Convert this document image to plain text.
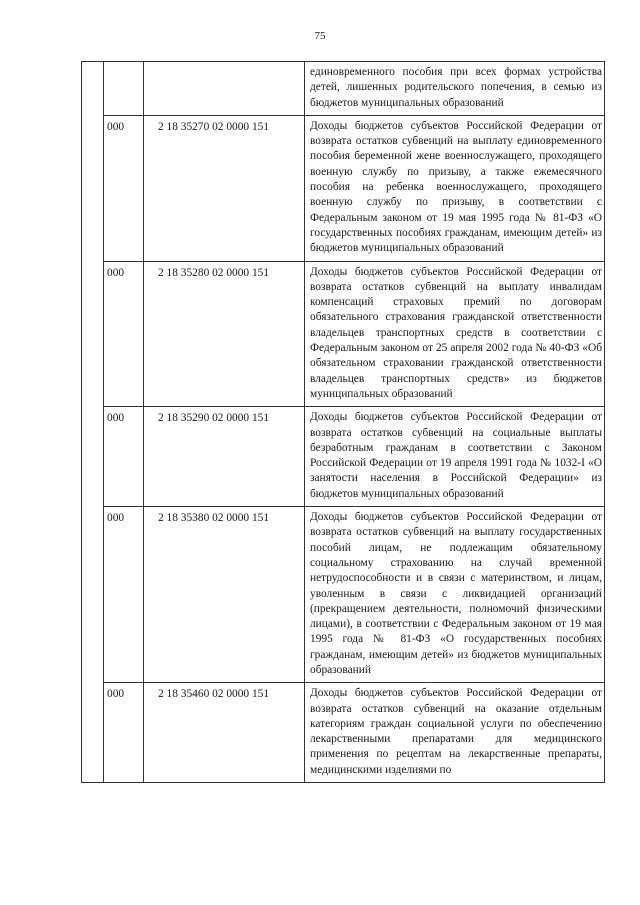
75
			единовременного пособия при всех формах устройства детей, лишенных родительского попечения, в семью из бюджетов муниципальных образований
	000	2 18 35270 02 0000 151	Доходы бюджетов субъектов Российской Федерации от возврата остатков субвенций на выплату единовременного пособия беременной жене военнослужащего, проходящего военную службу по призыву, а также ежемесячного пособия на ребенка военнослужащего, проходящего военную службу по призыву, в соответствии с Федеральным законом от 19 мая 1995 года № 81-ФЗ «О государственных пособиях гражданам, имеющим детей» из бюджетов муниципальных образований
	000	2 18 35280 02 0000 151	Доходы бюджетов субъектов Российской Федерации от возврата остатков субвенций на выплату инвалидам компенсаций страховых премий по договорам обязательного страхования гражданской ответственности владельцев транспортных средств в соответствии с Федеральным законом от 25 апреля 2002 года № 40-ФЗ «Об обязательном страховании гражданской ответственности владельцев транспортных средств» из бюджетов муниципальных образований
	000	2 18 35290 02 0000 151	Доходы бюджетов субъектов Российской Федерации от возврата остатков субвенций на социальные выплаты безработным гражданам в соответствии с Законом Российской Федерации от 19 апреля 1991 года № 1032-I «О занятости населения в Российской Федерации» из бюджетов муниципальных образований
	000	2 18 35380 02 0000 151	Доходы бюджетов субъектов Российской Федерации от возврата остатков субвенций на выплату государственных пособий лицам, не подлежащим обязательному социальному страхованию на случай временной нетрудоспособности и в связи с материнством, и лицам, уволенным в связи с ликвидацией организаций (прекращением деятельности, полномочий физическими лицами), в соответствии с Федеральным законом от 19 мая 1995 года № 81-ФЗ «О государственных пособиях гражданам, имеющим детей» из бюджетов муниципальных образований
	000	2 18 35460 02 0000 151	Доходы бюджетов субъектов Российской Федерации от возврата остатков субвенций на оказание отдельным категориям граждан социальной услуги по обеспечению лекарственными препаратами для медицинского применения по рецептам на лекарственные препараты, медицинскими изделиями по
